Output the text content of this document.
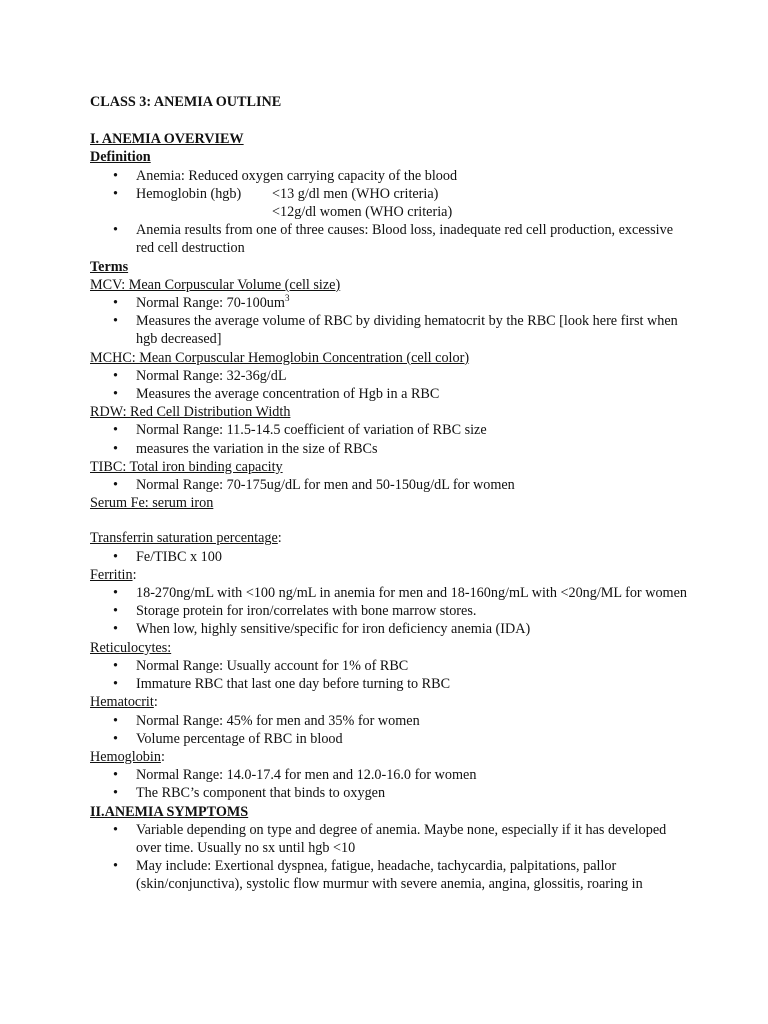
CLASS 3: ANEMIA OUTLINE
I. ANEMIA OVERVIEW
Definition
• Anemia: Reduced oxygen carrying capacity of the blood
• Hemoglobin (hgb)	<13 g/dl men (WHO criteria)
<12g/dl women (WHO criteria)
• Anemia results from one of three causes: Blood loss, inadequate red cell production, excessive red cell destruction
Terms
MCV: Mean Corpuscular Volume (cell size)
• Normal Range: $70-100um^3$
• Measures the average volume of RBC by dividing hematocrit by the RBC [look here first when hgb decreased]
MCHC: Mean Corpuscular Hemoglobin Concentration (cell color)
• Normal Range: 32-36g/dL
• Measures the average concentration of Hgb in a RBC
RDW: Red Cell Distribution Width
• Normal Range: 11.5-14.5 coefficient of variation of RBC size
• measures the variation in the size of RBCs
TIBC: Total iron binding capacity
• Normal Range: 70-175ug/dL for men and 50-150ug/dL for women
Serum Fe: serum iron
Transferrin saturation percentage:
• Fe/TIBC x 100
Ferritin:
• 18-270ng/mL with <100 ng/mL in anemia for men and 18-160ng/mL with <20ng/ML for women
• Storage protein for iron/correlates with bone marrow stores.
• When low, highly sensitive/specific for iron deficiency anemia (IDA)
Reticulocytes:
• Normal Range: Usually account for 1% of RBC
• Immature RBC that last one day before turning to RBC
Hematocrit:
• Normal Range: 45% for men and 35% for women
• Volume percentage of RBC in blood
Hemoglobin:
• Normal Range: 14.0-17.4 for men and 12.0-16.0 for women
• The RBC’s component that binds to oxygen
II.ANEMIA SYMPTOMS
• Variable depending on type and degree of anemia. Maybe none, especially if it has developed over time. Usually no sx until hgb <10
• May include: Exertional dyspnea, fatigue, headache, tachycardia, palpitations, pallor (skin/conjunctiva), systolic flow murmur with severe anemia, angina, glossitis, roaring in
